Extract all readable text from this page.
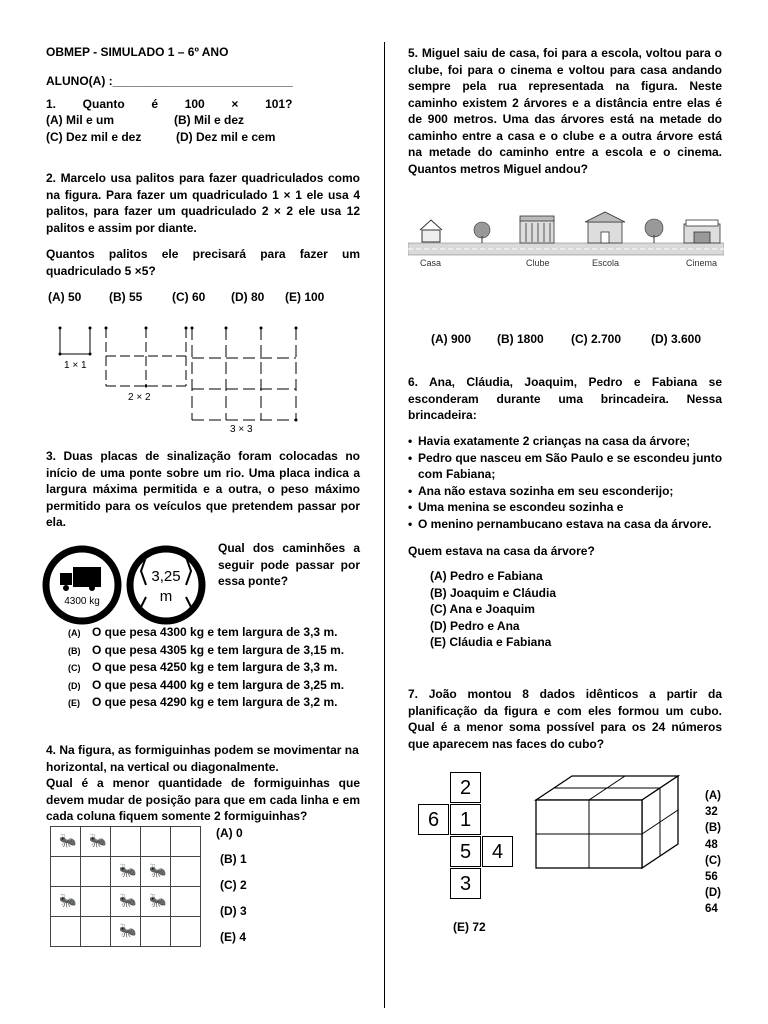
OBMEP - SIMULADO 1 – 6º ANO
ALUNO(A) :___________________________
1.        Quanto        é        100        ×        101?
(A) Mil e um	(B) Mil e dez
(C) Dez mil e dez	(D) Dez mil e cem
2. Marcelo usa palitos para fazer quadriculados como na figura. Para fazer um quadriculado 1 × 1 ele usa 4 palitos, para fazer um quadriculado 2 × 2 ele usa 12 palitos e assim por diante.
Quantos palitos ele precisará para fazer um quadriculado 5 ×5?
(A) 50 (B) 55 (C) 60 (D) 80 (E) 100
1 × 1
2 × 2
3 × 3
3. Duas placas de sinalização foram colocadas no início de uma ponte sobre um rio. Uma placa indica a largura máxima permitida e a outra, o peso máximo permitido para os veículos que pretendem passar por ela.
4300 kg
3,25
m
Qual dos caminhões a seguir pode passar por essa ponte?
(A) O que pesa 4300 kg e tem largura de 3,3 m.
(B) O que pesa 4305 kg e tem largura de 3,15 m.
(C) O que pesa 4250 kg e tem largura de 3,3 m.
(D) O que pesa 4400 kg e tem largura de 3,25 m.
(E) O que pesa 4290 kg e tem largura de 3,2 m.
4. Na figura, as formiguinhas podem se movimentar na horizontal, na vertical ou diagonalmente.
Qual é a menor quantidade de formiguinhas que devem mudar de posição para que em cada linha e em cada coluna fiquem somente 2 formiguinhas?
🐜 🐜
🐜 🐜
🐜	🐜 🐜
🐜
(A) 0
(B) 1
(C) 2
(D) 3
(E) 4
5. Miguel saiu de casa, foi para a escola, voltou para o clube, foi para o cinema e voltou para casa andando sempre pela rua representada na figura. Neste caminho existem 2 árvores e a distância entre elas é de 900 metros. Uma das árvores está na metade do caminho entre a casa e o clube e a outra árvore está na metade do caminho entre a escola e o cinema. Quantos metros Miguel andou?
Casa	Clube	Escola	Cinema
(A) 900 (B) 1800 (C) 2.700 (D) 3.600
6. Ana, Cláudia, Joaquim, Pedro e Fabiana se esconderam durante uma brincadeira. Nessa brincadeira:
• Havia exatamente 2 crianças na casa da árvore;
• Pedro que nasceu em São Paulo e se escondeu junto com Fabiana;
• Ana não estava sozinha em seu esconderijo;
• Uma menina se escondeu sozinha e
• O menino pernambucano estava na casa da árvore.
Quem estava na casa da árvore?
(A) Pedro e Fabiana
(B) Joaquim e Cláudia
(C) Ana e Joaquim
(D) Pedro e Ana
(E) Cláudia e Fabiana
7. João montou 8 dados idênticos a partir da planificação da figura e com eles formou um cubo. Qual é a menor soma possível para os 24 números que aparecem nas faces do cubo?
2
6	1
5	4
3
(A)
32
(B)
48
(C)
56
(D)
64
(E) 72
